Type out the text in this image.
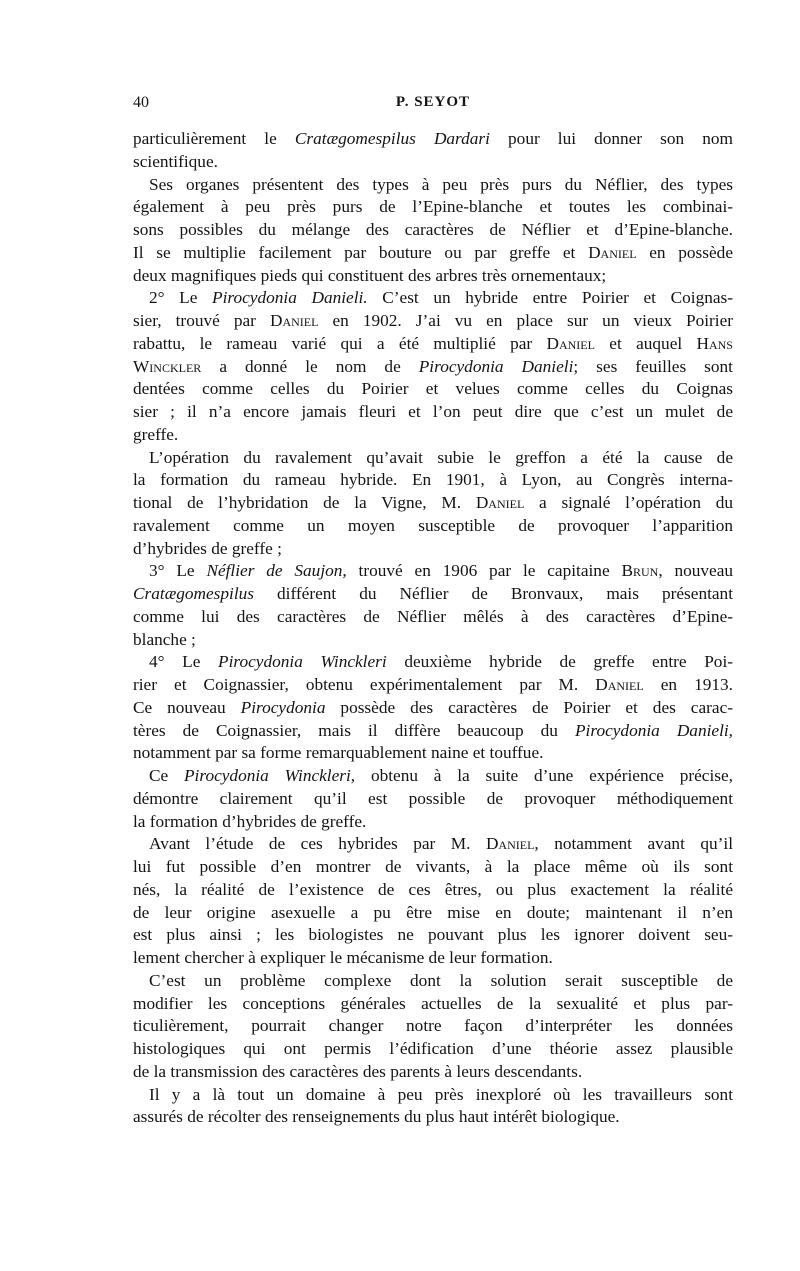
40	P. SEYOT
particulièrement le Cratægomespilus Dardari pour lui donner son nom
scientifique.
Ses organes présentent des types à peu près purs du Néflier, des types
également à peu près purs de l’Epine-blanche et toutes les combinai-
sons possibles du mélange des caractères de Néflier et d’Epine-blanche.
Il se multiplie facilement par bouture ou par greffe et Daniel en possède
deux magnifiques pieds qui constituent des arbres très ornementaux;
2° Le Pirocydonia Danieli. C’est un hybride entre Poirier et Coignas-
sier, trouvé par Daniel en 1902. J’ai vu en place sur un vieux Poirier
rabattu, le rameau varié qui a été multiplié par Daniel et auquel Hans
Winckler a donné le nom de Pirocydonia Danieli; ses feuilles sont
dentées comme celles du Poirier et velues comme celles du Coignas
sier ; il n’a encore jamais fleuri et l’on peut dire que c’est un mulet de
greffe.
L’opération du ravalement qu’avait subie le greffon a été la cause de
la formation du rameau hybride. En 1901, à Lyon, au Congrès interna-
tional de l’hybridation de la Vigne, M. Daniel a signalé l’opération du
ravalement comme un moyen susceptible de provoquer l’apparition
d’hybrides de greffe ;
3° Le Néflier de Saujon, trouvé en 1906 par le capitaine Brun, nouveau
Cratægomespilus différent du Néflier de Bronvaux, mais présentant
comme lui des caractères de Néflier mêlés à des caractères d’Epine-
blanche ;
4° Le Pirocydonia Winckleri deuxième hybride de greffe entre Poi-
rier et Coignassier, obtenu expérimentalement par M. Daniel en 1913.
Ce nouveau Pirocydonia possède des caractères de Poirier et des carac-
tères de Coignassier, mais il diffère beaucoup du Pirocydonia Danieli,
notamment par sa forme remarquablement naine et touffue.
Ce Pirocydonia Winckleri, obtenu à la suite d’une expérience précise,
démontre clairement qu’il est possible de provoquer méthodiquement
la formation d’hybrides de greffe.
Avant l’étude de ces hybrides par M. Daniel, notamment avant qu’il
lui fut possible d’en montrer de vivants, à la place même où ils sont
nés, la réalité de l’existence de ces êtres, ou plus exactement la réalité
de leur origine asexuelle a pu être mise en doute; maintenant il n’en
est plus ainsi ; les biologistes ne pouvant plus les ignorer doivent seu-
lement chercher à expliquer le mécanisme de leur formation.
C’est un problème complexe dont la solution serait susceptible de
modifier les conceptions générales actuelles de la sexualité et plus par-
ticulièrement, pourrait changer notre façon d’interpréter les données
histologiques qui ont permis l’édification d’une théorie assez plausible
de la transmission des caractères des parents à leurs descendants.
Il y a là tout un domaine à peu près inexploré où les travailleurs sont
assurés de récolter des renseignements du plus haut intérêt biologique.
